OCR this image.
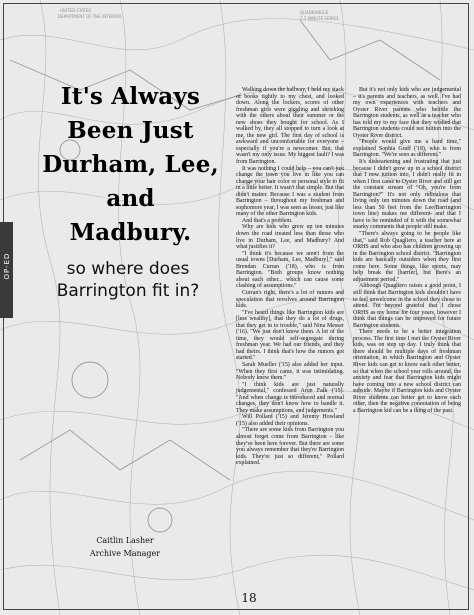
UNITED STATES
DEPARTMENT OF THE INTERIOR
QUADRANGLE
7.5 MINUTE SERIES
OP-ED
It's Always
Been Just
Durham, Lee,
and
Madbury.
so where does Barrington fit in?
Caitlin Lasher
Archive Manager

Walking down the hallway, I held my stack of books tightly to my chest, and looked down. Along the lockers, scores of other freshman girls were giggling and shrieking with the others about their summer or the new shoes they bought for school. As I walked by, they all stopped to turn a look at me, the new girl. The first day of school is awkward and uncomfortable for everyone – especially if you're a newcomer. But, that wasn't my only issue. My biggest fault? I was from Barrington.

It was nothing I could help – you can't just change the town you live in like you can change your hair color or personal style to fit in a little better. It wasn't that simple. But that didn't matter. Because I was a student from Barrington – throughout my freshman and sophomore year, I was seen as lesser, just like many of the other Barrington kids.

And that's a problem.

Why are kids who grew up ten minutes down the road treated less than those who live in Durham, Lee, and Madbury? And what justifies it?

"I think it's because we aren't from the usual towns [Durham, Lee, Madbury]," said Brendan Curran ('18), who is from Barrington. "Both groups know nothing about each other... which can cause some clashing of assumptions."

Curran's right, there's a lot of rumors and speculation that revolves around Barrington kids.

"I've heard things like Barrington kids are [less wealthy], that they do a lot of drugs, that they get in to trouble," said Nina Messer ('16). "We just don't know them. A lot of the time, they would self-segregate during freshman year. We had our friends, and they had theirs. I think that's how the rumors got started."

Sarah Mueller ('15) also added her input. "When they first came, it was intimidating. Nobody knew them."

"I think kids are just naturally judgemental," confessed Arun Falk ('15). "And when change is introduced and normal changes, they don't know how to handle it. They make assumptions, and judgements."

Will Pollard ('15) and Jeremy Howland ('15) also added their opinions.

"There are some kids from Barrington you almost forget come from Barrington – like they've been here forever. But there are some you always remember that they're Barrington kids. They're just so different," Pollard explained.

But it's not only kids who are judgemental – it's parents and teachers, as well. I've had my own experiences with teachers and Oyster River parents who belittle the Barrington students, as well as a teacher who has told my to my face that they wished that Barrington students could not tuition into the Oyster River district.

"People would give me a hard time," explained Sophia Graff ('18), who is from Barrington. "We're seen as different."

It's disheartening and frustrating that just because I didn't grow up in a school district that I now tuition into, I didn't really fit in when I first came to Oyster River and still get the constant stream of "Oh, you're from Barrington?" It's not only ridiculous that living only ten minutes down the road (and less than 50 feet from the Lee/Barrington town line) makes me different- and that I have to be reminded of it with the somewhat snarky comments that people still make.

"There's always going to be people like that," said Rob Quagliero, a teacher here at ORHS and who also has children growing up in the Barrington school district. "Barrington kids are basically outsiders when they first come here. Some things, like sports, may help break the [barrier], but there's an adjustment period."

Although Quagliero raises a good point, I still think that Barrington kids shouldn't have to feel unwelcome in the school they chose to attend. I'm beyond grateful that I chose ORHS as my home for four years, however I think that things can be improved for future Barrington students.

There needs to be a better integration process. The first time I met the Oyster River kids, was on step up day. I truly think that there should be multiple days of freshman orientation, in which Barrington and Oyster River kids can get to know each other better, so that when the school year rolls around, the anxiety and fear that Barrington kids might have coming into a new school district can subside. Maybe if Barrington kids and Oyster River students can better get to know each other, then the negative connotation of being a Barrington kid can be a thing of the past.

18
